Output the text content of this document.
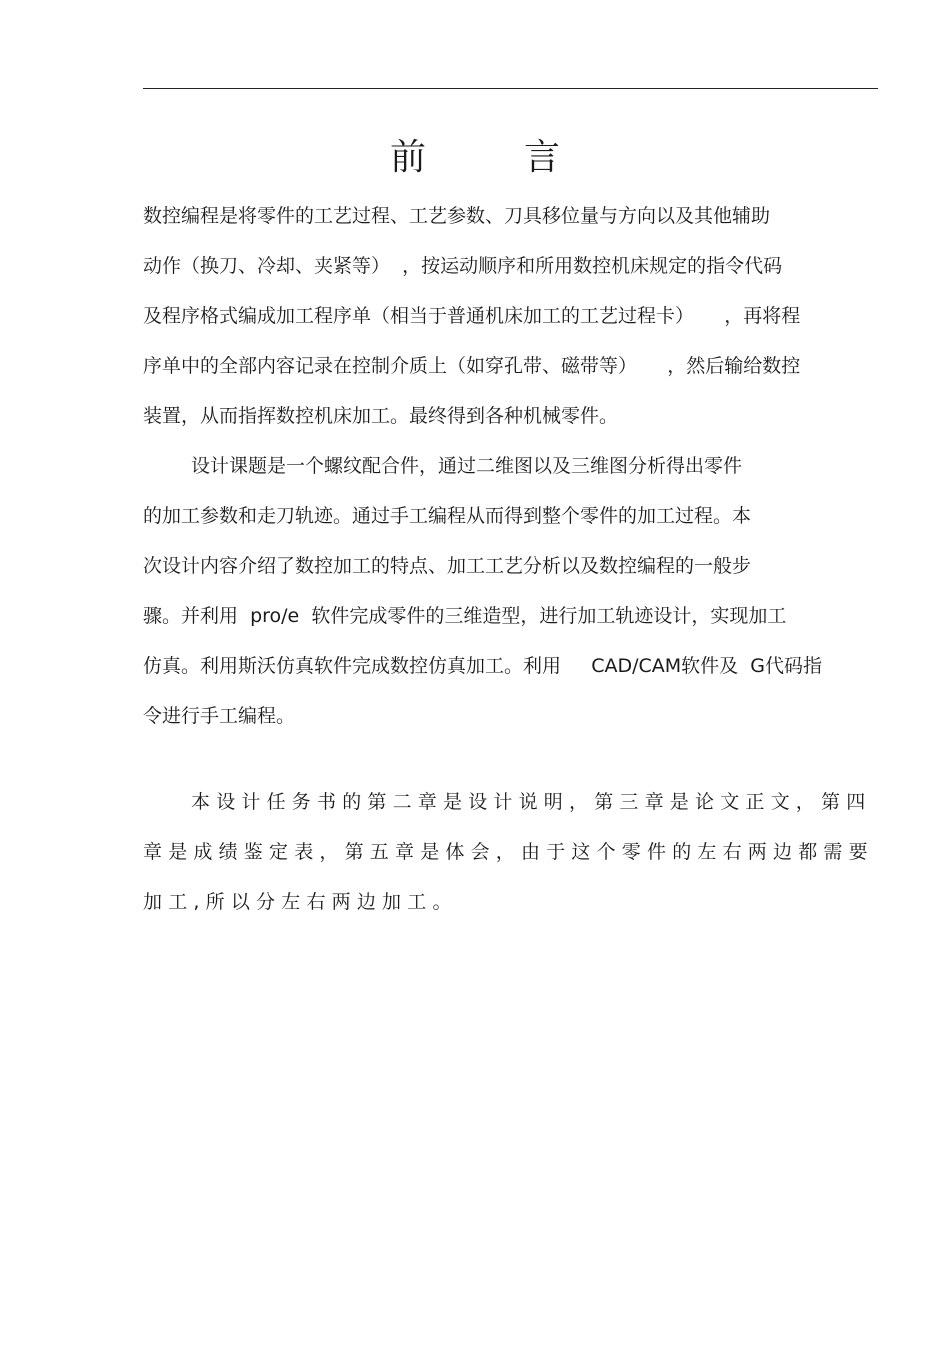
前	言
数控编程是将零件的工艺过程、工艺参数、刀具移位量与方向以及其他辅助
动作（换刀、冷却、夹紧等）  ，按运动顺序和所用数控机床规定的指令代码
及程序格式编成加工程序单（相当于普通机床加工的工艺过程卡）     ，再将程
序单中的全部内容记录在控制介质上（如穿孔带、磁带等）     ，然后输给数控
装置，从而指挥数控机床加工。最终得到各种机械零件。
设计课题是一个螺纹配合件，通过二维图以及三维图分析得出零件
的加工参数和走刀轨迹。通过手工编程从而得到整个零件的加工过程。本
次设计内容介绍了数控加工的特点、加工工艺分析以及数控编程的一般步
骤。并利用  pro/e  软件完成零件的三维造型，进行加工轨迹设计，实现加工
仿真。利用斯沃仿真软件完成数控仿真加工。利用     CAD/CAM软件及  G代码指
令进行手工编程。
本设计任务书的第二章是设计说明，第三章是论文正文，第四
章是成绩鉴定表，第五章是体会，由于这个零件的左右两边都需要
加工,所以分左右两边加工。
